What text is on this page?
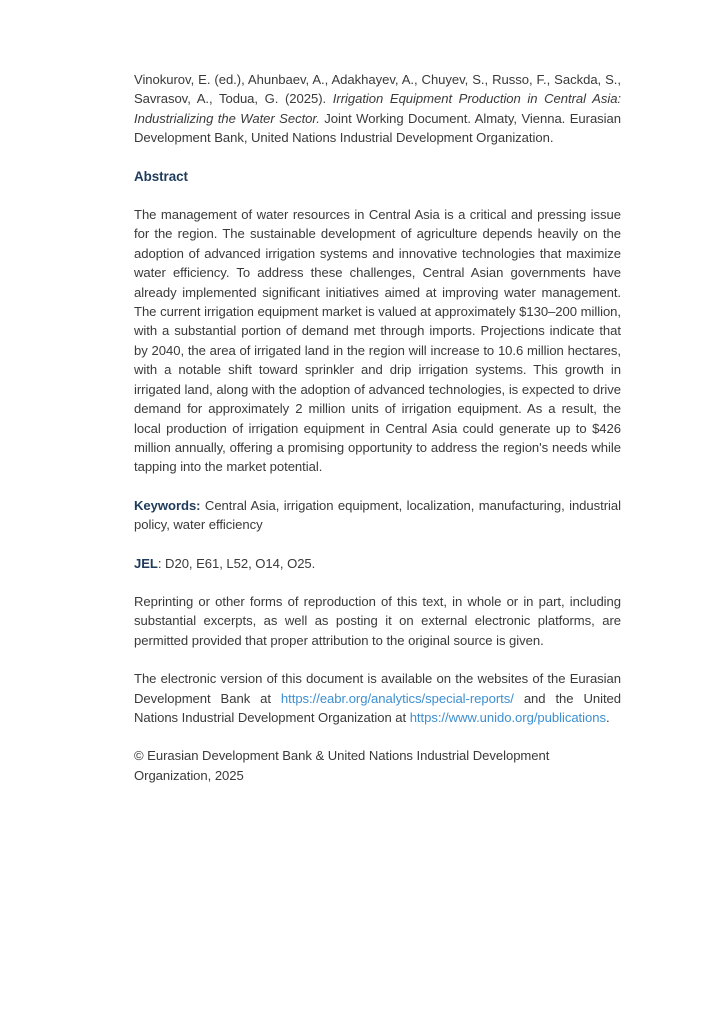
Vinokurov, E. (ed.), Ahunbaev, A., Adakhayev, A., Chuyev, S., Russo, F., Sackda, S., Savrasov, A., Todua, G. (2025). Irrigation Equipment Production in Central Asia: Industrializing the Water Sector. Joint Working Document. Almaty, Vienna. Eurasian Development Bank, United Nations Industrial Development Organization.

Abstract

The management of water resources in Central Asia is a critical and pressing issue for the region. The sustainable development of agriculture depends heavily on the adoption of advanced irrigation systems and innovative technologies that maximize water efficiency. To address these challenges, Central Asian governments have already implemented significant initiatives aimed at improving water management. The current irrigation equipment market is valued at approximately $130–200 million, with a substantial portion of demand met through imports. Projections indicate that by 2040, the area of irrigated land in the region will increase to 10.6 million hectares, with a notable shift toward sprinkler and drip irrigation systems. This growth in irrigated land, along with the adoption of advanced technologies, is expected to drive demand for approximately 2 million units of irrigation equipment. As a result, the local production of irrigation equipment in Central Asia could generate up to $426 million annually, offering a promising opportunity to address the region's needs while tapping into the market potential.

Keywords: Central Asia, irrigation equipment, localization, manufacturing, industrial policy, water efficiency

JEL: D20, E61, L52, O14, O25.

Reprinting or other forms of reproduction of this text, in whole or in part, including substantial excerpts, as well as posting it on external electronic platforms, are permitted provided that proper attribution to the original source is given.

The electronic version of this document is available on the websites of the Eurasian Development Bank at https://eabr.org/analytics/special-reports/ and the United Nations Industrial Development Organization at https://www.unido.org/publications.

© Eurasian Development Bank & United Nations Industrial Development Organization, 2025
